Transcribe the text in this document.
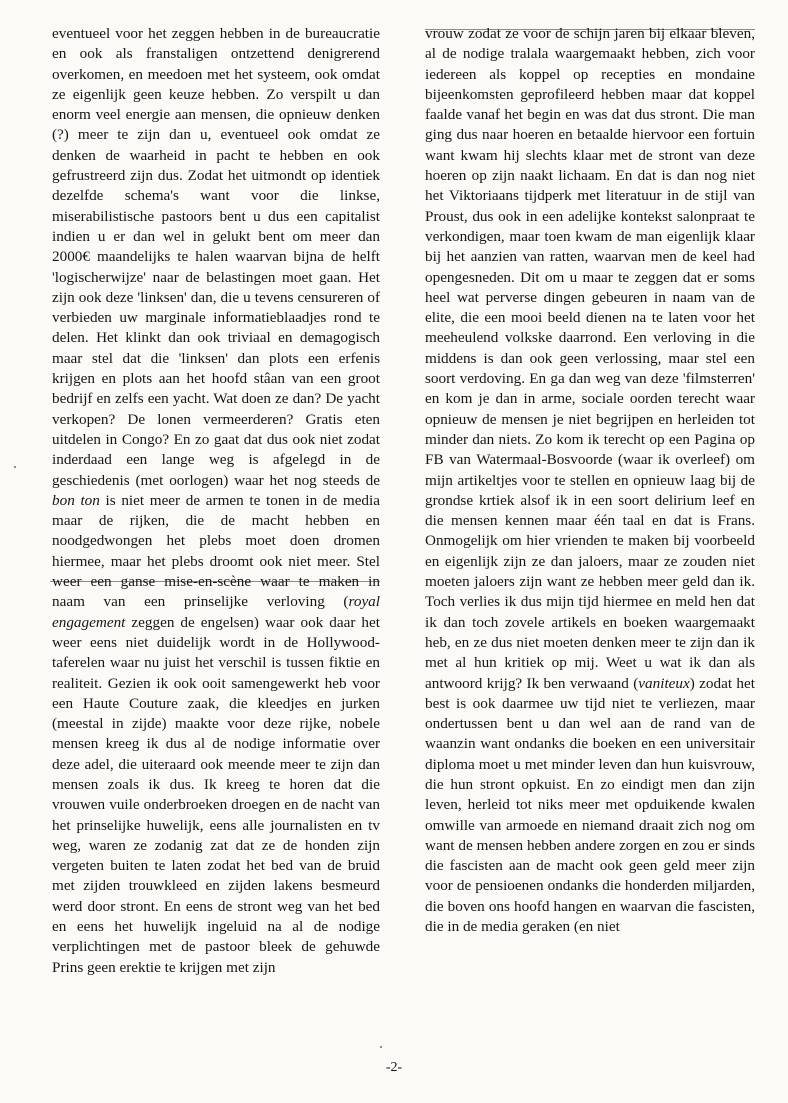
eventueel voor het zeggen hebben in de bureaucratie en ook als franstaligen ontzettend denigrerend overkomen, en meedoen met het systeem, ook omdat ze eigenlijk geen keuze hebben. Zo verspilt u dan enorm veel energie aan mensen, die opnieuw denken (?) meer te zijn dan u, eventueel ook omdat ze denken de waarheid in pacht te hebben en ook gefrustreerd zijn dus. Zodat het uitmondt op identiek dezelfde schema's want voor die linkse, miserabilistische pastoors bent u dus een capitalist indien u er dan wel in gelukt bent om meer dan 2000€ maandelijks te halen waarvan bijna de helft 'logischerwijze' naar de belastingen moet gaan. Het zijn ook deze 'linksen' dan, die u tevens censureren of verbieden uw marginale informatieblaadjes rond te delen. Het klinkt dan ook triviaal en demagogisch maar stel dat die 'linksen' dan plots een erfenis krijgen en plots aan het hoofd stâan van een groot bedrijf en zelfs een yacht. Wat doen ze dan? De yacht verkopen? De lonen vermeerderen? Gratis eten uitdelen in Congo? En zo gaat dat dus ook niet zodat inderdaad een lange weg is afgelegd in de geschiedenis (met oorlogen) waar het nog steeds de bon ton is niet meer de armen te tonen in de media maar de rijken, die de macht hebben en noodgedwongen het plebs moet doen dromen hiermee, maar het plebs droomt ook niet meer. Stel weer een ganse mise-en-scène waar te maken in naam van een prinselijke verloving (royal engagement zeggen de engelsen) waar ook daar het weer eens niet duidelijk wordt in de Hollywood-taferelen waar nu juist het verschil is tussen fiktie en realiteit. Gezien ik ook ooit samengewerkt heb voor een Haute Couture zaak, die kleedjes en jurken (meestal in zijde) maakte voor deze rijke, nobele mensen kreeg ik dus al de nodige informatie over deze adel, die uiteraard ook meende meer te zijn dan mensen zoals ik dus. Ik kreeg te horen dat die vrouwen vuile onderbroeken droegen en de nacht van het prinselijke huwelijk, eens alle journalisten en tv weg, waren ze zodanig zat dat ze de honden zijn vergeten buiten te laten zodat het bed van de bruid met zijden trouwkleed en zijden lakens besmeurd werd door stront. En eens de stront weg van het bed en eens het huwelijk ingeluid na al de nodige verplichtingen met de pastoor bleek de gehuwde Prins geen erektie te krijgen met zijn

vrouw zodat ze voor de schijn jaren bij elkaar bleven, al de nodige tralala waargemaakt hebben, zich voor iedereen als koppel op recepties en mondaine bijeenkomsten geprofileerd hebben maar dat koppel faalde vanaf het begin en was dat dus stront. Die man ging dus naar hoeren en betaalde hiervoor een fortuin want kwam hij slechts klaar met de stront van deze hoeren op zijn naakt lichaam. En dat is dan nog niet het Viktoriaans tijdperk met literatuur in de stijl van Proust, dus ook in een adelijke kontekst salonpraat te verkondigen, maar toen kwam de man eigenlijk klaar bij het aanzien van ratten, waarvan men de keel had opengesneden. Dit om u maar te zeggen dat er soms heel wat perverse dingen gebeuren in naam van de elite, die een mooi beeld dienen na te laten voor het meeheulend volkske daarrond. Een verloving in die middens is dan ook geen verlossing, maar stel een soort verdoving. En ga dan weg van deze 'filmsterren' en kom je dan in arme, sociale oorden terecht waar opnieuw de mensen je niet begrijpen en herleiden tot minder dan niets. Zo kom ik terecht op een Pagina op FB van Watermaal-Bosvoorde (waar ik overleef) om mijn artikeltjes voor te stellen en opnieuw laag bij de grondse krtiek alsof ik in een soort delirium leef en die mensen kennen maar één taal en dat is Frans. Onmogelijk om hier vrienden te maken bij voorbeeld en eigenlijk zijn ze dan jaloers, maar ze zouden niet moeten jaloers zijn want ze hebben meer geld dan ik. Toch verlies ik dus mijn tijd hiermee en meld hen dat ik dan toch zovele artikels en boeken waargemaakt heb, en ze dus niet moeten denken meer te zijn dan ik met al hun kritiek op mij. Weet u wat ik dan als antwoord krijg? Ik ben verwaand (vaniteux) zodat het best is ook daarmee uw tijd niet te verliezen, maar ondertussen bent u dan wel aan de rand van de waanzin want ondanks die boeken en een universitair diploma moet u met minder leven dan hun kuisvrouw, die hun stront opkuist. En zo eindigt men dan zijn leven, herleid tot niks meer met opduikende kwalen omwille van armoede en niemand draait zich nog om want de mensen hebben andere zorgen en zou er sinds die fascisten aan de macht ook geen geld meer zijn voor de pensioenen ondanks die honderden miljarden, die boven ons hoofd hangen en waarvan die fascisten, die in de media geraken (en niet

-2-
